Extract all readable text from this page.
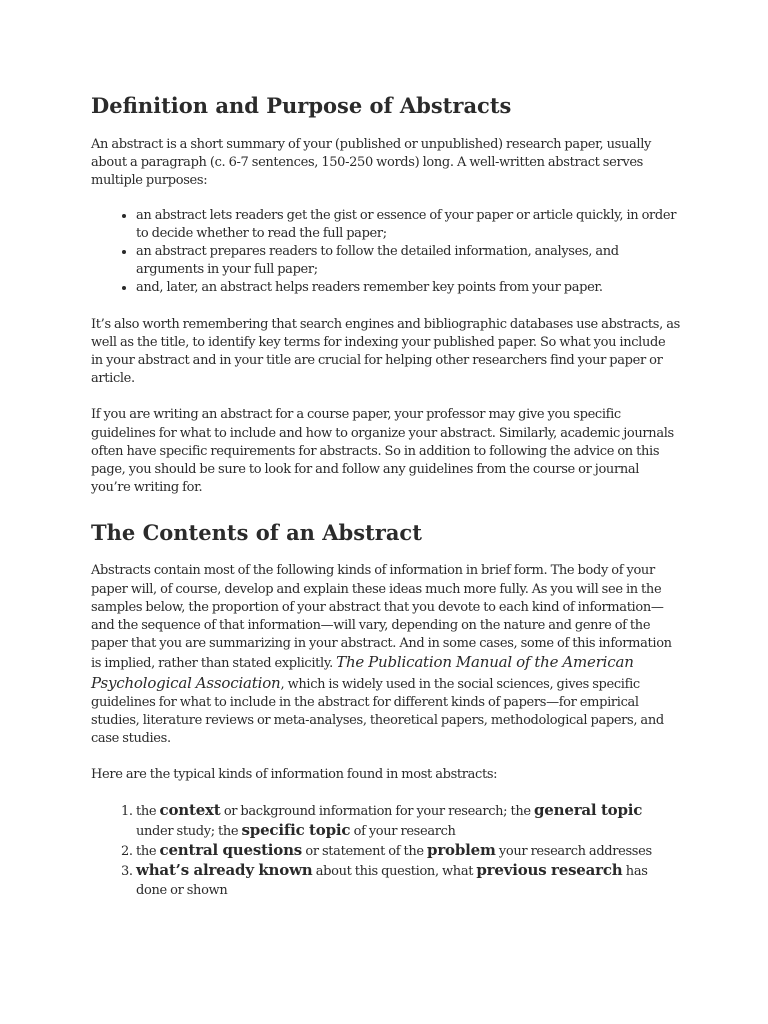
Definition and Purpose of Abstracts

An abstract is a short summary of your (published or unpublished) research paper, usually about a paragraph (c. 6-7 sentences, 150-250 words) long. A well-written abstract serves multiple purposes:

• an abstract lets readers get the gist or essence of your paper or article quickly, in order to decide whether to read the full paper;
• an abstract prepares readers to follow the detailed information, analyses, and arguments in your full paper;
• and, later, an abstract helps readers remember key points from your paper.

It’s also worth remembering that search engines and bibliographic databases use abstracts, as well as the title, to identify key terms for indexing your published paper. So what you include in your abstract and in your title are crucial for helping other researchers find your paper or article.

If you are writing an abstract for a course paper, your professor may give you specific guidelines for what to include and how to organize your abstract. Similarly, academic journals often have specific requirements for abstracts. So in addition to following the advice on this page, you should be sure to look for and follow any guidelines from the course or journal you’re writing for.

The Contents of an Abstract

Abstracts contain most of the following kinds of information in brief form. The body of your paper will, of course, develop and explain these ideas much more fully. As you will see in the samples below, the proportion of your abstract that you devote to each kind of information—and the sequence of that information—will vary, depending on the nature and genre of the paper that you are summarizing in your abstract. And in some cases, some of this information is implied, rather than stated explicitly. The Publication Manual of the American Psychological Association, which is widely used in the social sciences, gives specific guidelines for what to include in the abstract for different kinds of papers—for empirical studies, literature reviews or meta-analyses, theoretical papers, methodological papers, and case studies.

Here are the typical kinds of information found in most abstracts:

1. the context or background information for your research; the general topic under study; the specific topic of your research
2. the central questions or statement of the problem your research addresses
3. what’s already known about this question, what previous research has done or shown
